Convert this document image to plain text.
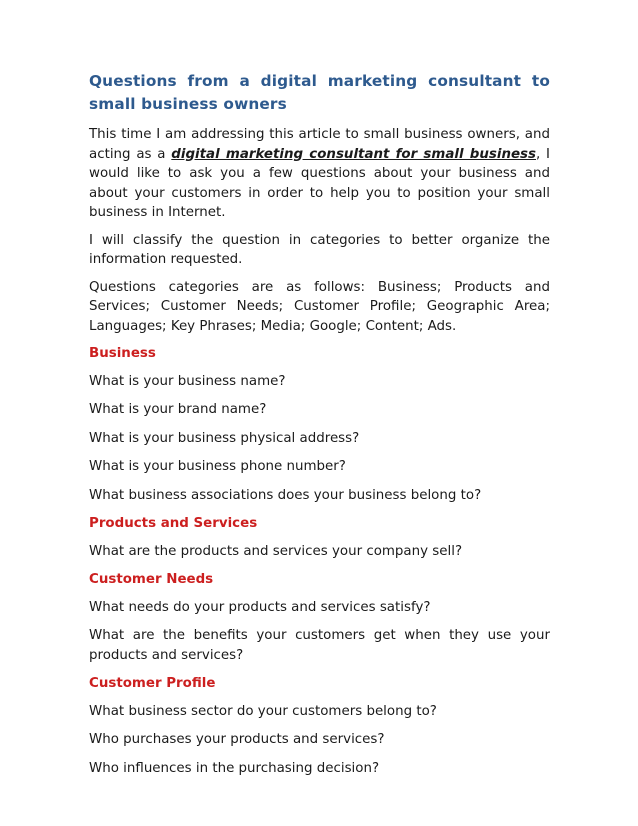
Questions from a digital marketing consultant to small business owners

This time I am addressing this article to small business owners, and acting as a digital marketing consultant for small business, I would like to ask you a few questions about your business and about your customers in order to help you to position your small business in Internet.

I will classify the question in categories to better organize the information requested.

Questions categories are as follows: Business; Products and Services; Customer Needs; Customer Profile; Geographic Area; Languages; Key Phrases; Media; Google; Content; Ads.

Business
What is your business name?
What is your brand name?
What is your business physical address?
What is your business phone number?
What business associations does your business belong to?
Products and Services
What are the products and services your company sell?
Customer Needs
What needs do your products and services satisfy?
What are the benefits your customers get when they use your products and services?
Customer Profile
What business sector do your customers belong to?
Who purchases your products and services?
Who influences in the purchasing decision?
